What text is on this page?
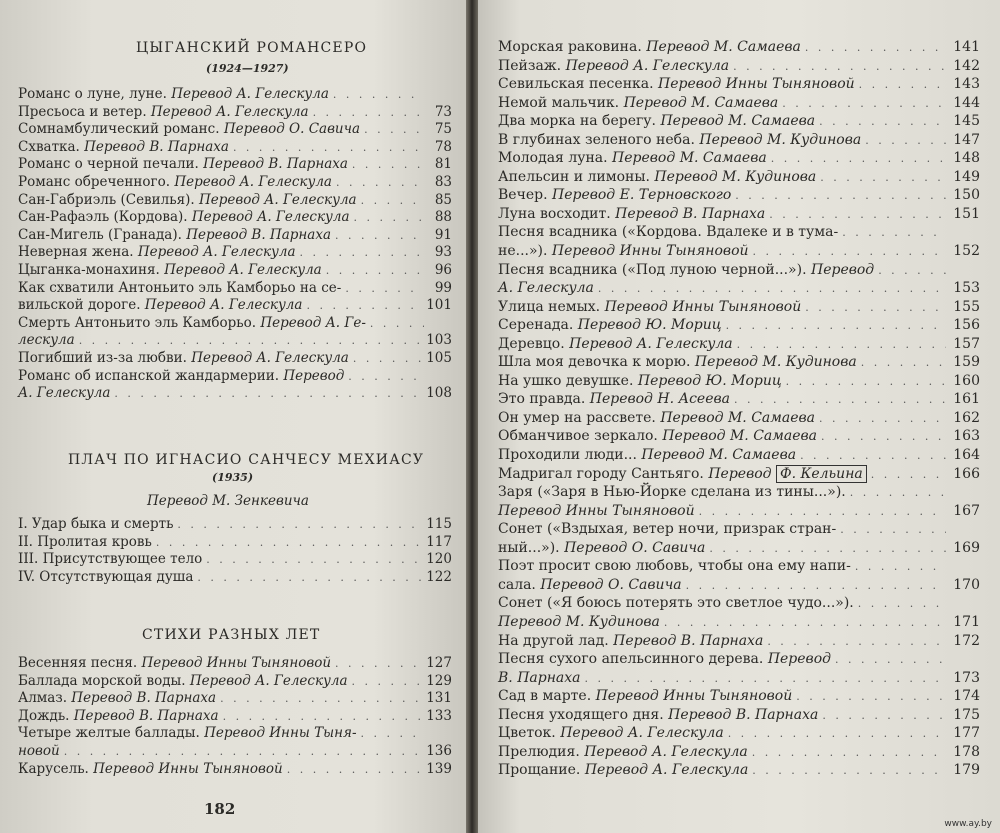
ЦЫГАНСКИЙ РОМАНСЕРО
(1924—1927)
Романс о луне, луне. Перевод А. Гелескула
. . .
Пресьоса и ветер. Перевод А. Гелескула . . .	73
Сомнамбулический романс. Перевод О. Савича . . .	75
Схватка. Перевод В. Парнаха . . .	78
Романс о черной печали. Перевод В. Парнаха . . .	81
Романс обреченного. Перевод А. Гелескула . . .	83
Сан-Габриэль (Севилья). Перевод А. Гелескула . . .	85
Сан-Рафаэль (Кордова). Перевод А. Гелескула . . .	88
Сан-Мигель (Гранада). Перевод В. Парнаха . . .	91
Неверная жена. Перевод А. Гелескула . . .	93
Цыганка-монахиня. Перевод А. Гелескула . . .	96
Как схватили Антоньито эль Камборьо на се- . . .	99
вильской дороге. Перевод А. Гелескула . . .	101
Смерть Антоньито эль Камборьо. Перевод А. Ге-
. . .
лескула . . .	103
Погибший из-за любви. Перевод А. Гелескула . . .	105
Романс об испанской жандармерии. Перевод
. . .
А. Гелескула . . .	108
ПЛАЧ ПО ИГНАСИО САНЧЕСУ МЕХИАСУ
(1935)
Перевод М. Зенкевича
I. Удар быка и смерть . . .	115
II. Пролитая кровь . . .	117
III. Присутствующее тело . . .	120
IV. Отсутствующая душа . . .	122
СТИХИ РАЗНЫХ ЛЕТ
Весенняя песня. Перевод Инны Тыняновой . . .	127
Баллада морской воды. Перевод А. Гелескула . . .	129
Алмаз. Перевод В. Парнаха . . .	131
Дождь. Перевод В. Парнаха . . .	133
Четыре желтые баллады. Перевод Инны Тыня-
. . .
новой . . .	136
Карусель. Перевод Инны Тыняновой . . .	139
182
Морская раковина. Перевод М. Самаева . . .	141
Пейзаж. Перевод А. Гелескула . . .	142
Севильская песенка. Перевод Инны Тыняновой . . .	143
Немой мальчик. Перевод М. Самаева . . .	144
Два морка на берегу. Перевод М. Самаева . . .	145
В глубинах зеленого неба. Перевод М. Кудинова . . .	147
Молодая луна. Перевод М. Самаева . . .	148
Апельсин и лимоны. Перевод М. Кудинова . . .	149
Вечер. Перевод Е. Терновского . . .	150
Луна восходит. Перевод В. Парнаха . . .	151
Песня всадника («Кордова. Вдалеке и в тума-
. . .
не...»). Перевод Инны Тыняновой . . .	152
Песня всадника («Под луною черной...»). Перевод
. . .
А. Гелескула . . .	153
Улица немых. Перевод Инны Тыняновой . . .	155
Серенада. Перевод Ю. Мориц . . .	156
Деревцо. Перевод А. Гелескула . . .	157
Шла моя девочка к морю. Перевод М. Кудинова . . .	159
На ушко девушке. Перевод Ю. Мориц . . .	160
Это правда. Перевод Н. Асеева . . .	161
Он умер на рассвете. Перевод М. Самаева . . .	162
Обманчивое зеркало. Перевод М. Самаева . . .	163
Проходили люди... Перевод М. Самаева . . .	164
Мадригал городу Сантьяго. Перевод Ф. Кельина . . .	166
Заря («Заря в Нью-Йорке сделана из тины...»).
. . .
Перевод Инны Тыняновой . . .	167
Сонет («Вздыхая, ветер ночи, призрак стран-
. . .
ный...»). Перевод О. Савича . . .	169
Поэт просит свою любовь, чтобы она ему напи-
. . .
сала. Перевод О. Савича . . .	170
Сонет («Я боюсь потерять это светлое чудо...»).
. . .
Перевод М. Кудинова . . .	171
На другой лад. Перевод В. Парнаха . . .	172
Песня сухого апельсинного дерева. Перевод
. . .
В. Парнаха . . .	173
Сад в марте. Перевод Инны Тыняновой . . .	174
Песня уходящего дня. Перевод В. Парнаха . . .	175
Цветок. Перевод А. Гелескула . . .	177
Прелюдия. Перевод А. Гелескула . . .	178
Прощание. Перевод А. Гелескула . . .	179
www.ay.by
